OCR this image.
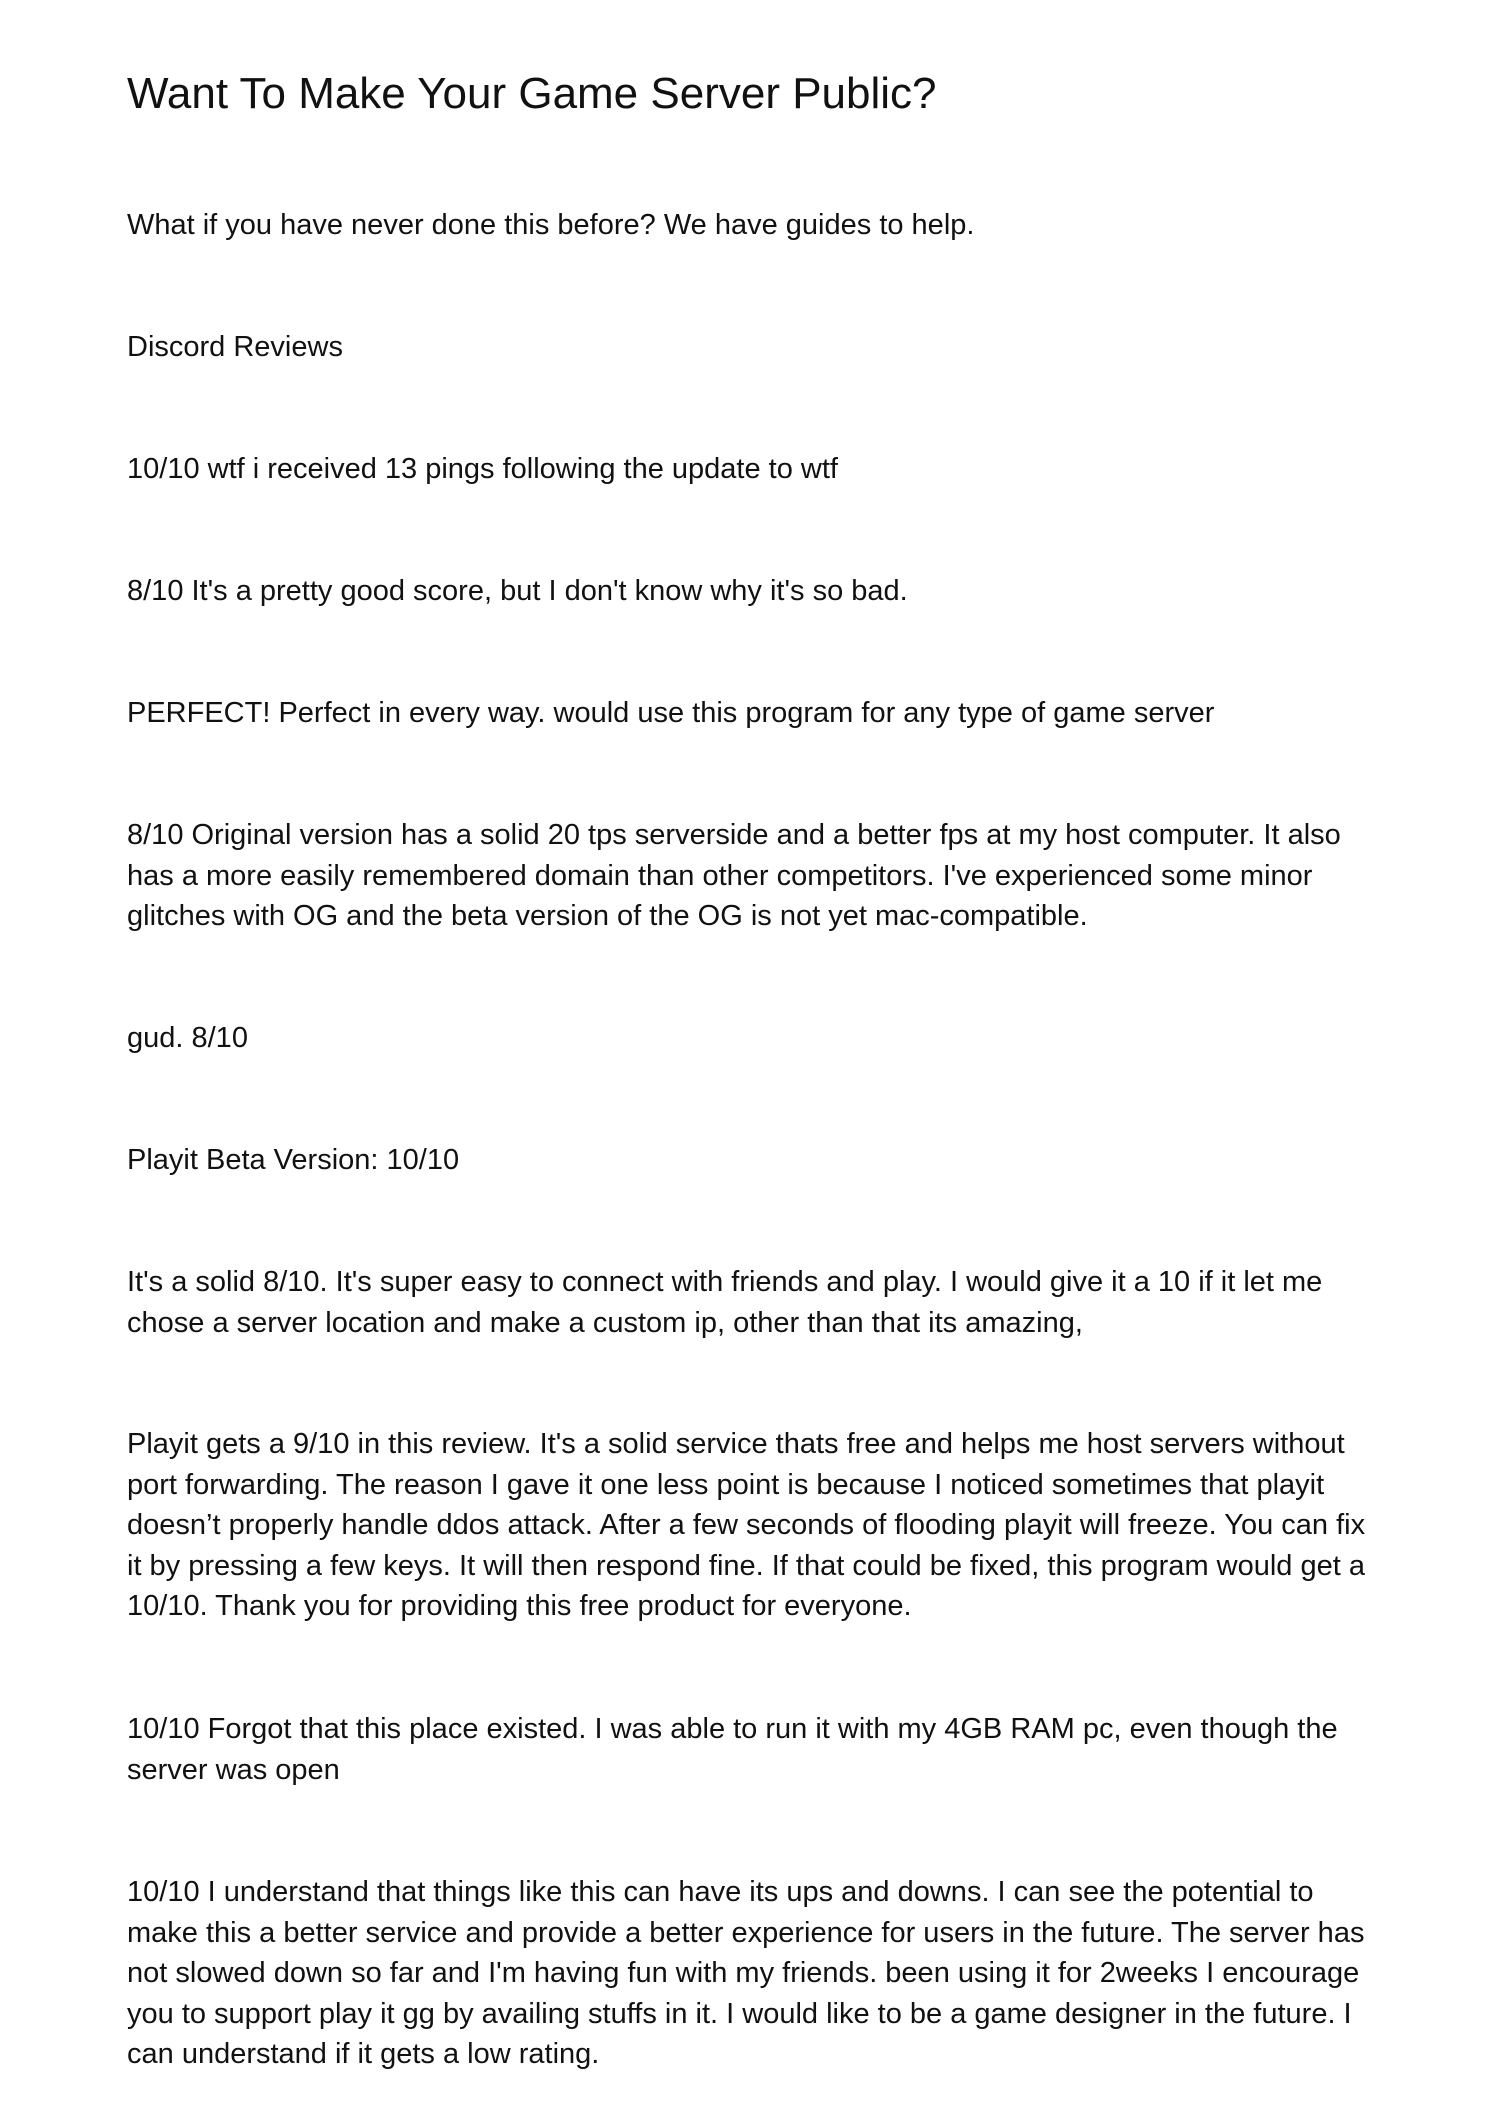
Want To Make Your Game Server Public?

What if you have never done this before? We have guides to help.

Discord Reviews

10/10 wtf i received 13 pings following the update to wtf

8/10 It's a pretty good score, but I don't know why it's so bad.

PERFECT! Perfect in every way. would use this program for any type of game server

8/10 Original version has a solid 20 tps serverside and a better fps at my host computer. It also has a more easily remembered domain than other competitors. I've experienced some minor glitches with OG and the beta version of the OG is not yet mac-compatible.

gud. 8/10

Playit Beta Version: 10/10

It's a solid 8/10. It's super easy to connect with friends and play. I would give it a 10 if it let me chose a server location and make a custom ip, other than that its amazing,

Playit gets a 9/10 in this review. It's a solid service thats free and helps me host servers without port forwarding. The reason I gave it one less point is because I noticed sometimes that playit doesn’t properly handle ddos attack. After a few seconds of flooding playit will freeze. You can fix it by pressing a few keys. It will then respond fine. If that could be fixed, this program would get a 10/10. Thank you for providing this free product for everyone.

10/10 Forgot that this place existed. I was able to run it with my 4GB RAM pc, even though the server was open

10/10 I understand that things like this can have its ups and downs. I can see the potential to make this a better service and provide a better experience for users in the future. The server has not slowed down so far and I'm having fun with my friends. been using it for 2weeks I encourage you to support play it gg by availing stuffs in it. I would like to be a game designer in the future. I can understand if it gets a low rating.
